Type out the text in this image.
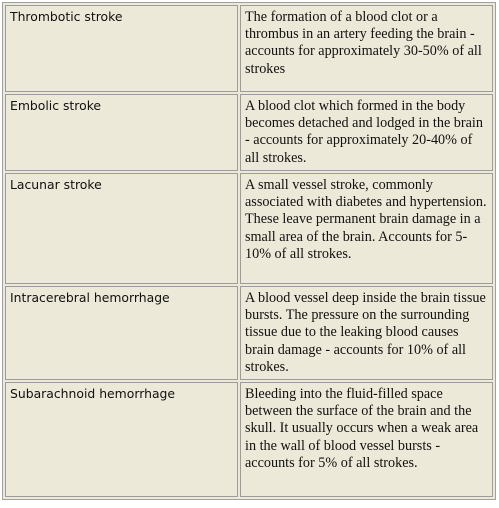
Thrombotic stroke	The formation of a blood clot or a thrombus in an artery feeding the brain - accounts for approximately 30-50% of all strokes
Embolic stroke	A blood clot which formed in the body becomes detached and lodged in the brain - accounts for approximately 20-40% of all strokes.
Lacunar stroke	A small vessel stroke, commonly associated with diabetes and hypertension. These leave permanent brain damage in a small area of the brain. Accounts for 5-10% of all strokes.
Intracerebral hemorrhage	A blood vessel deep inside the brain tissue bursts. The pressure on the surrounding tissue due to the leaking blood causes brain damage - accounts for 10% of all strokes.
Subarachnoid hemorrhage	Bleeding into the fluid-filled space between the surface of the brain and the skull. It usually occurs when a weak area in the wall of blood vessel bursts - accounts for 5% of all strokes.
